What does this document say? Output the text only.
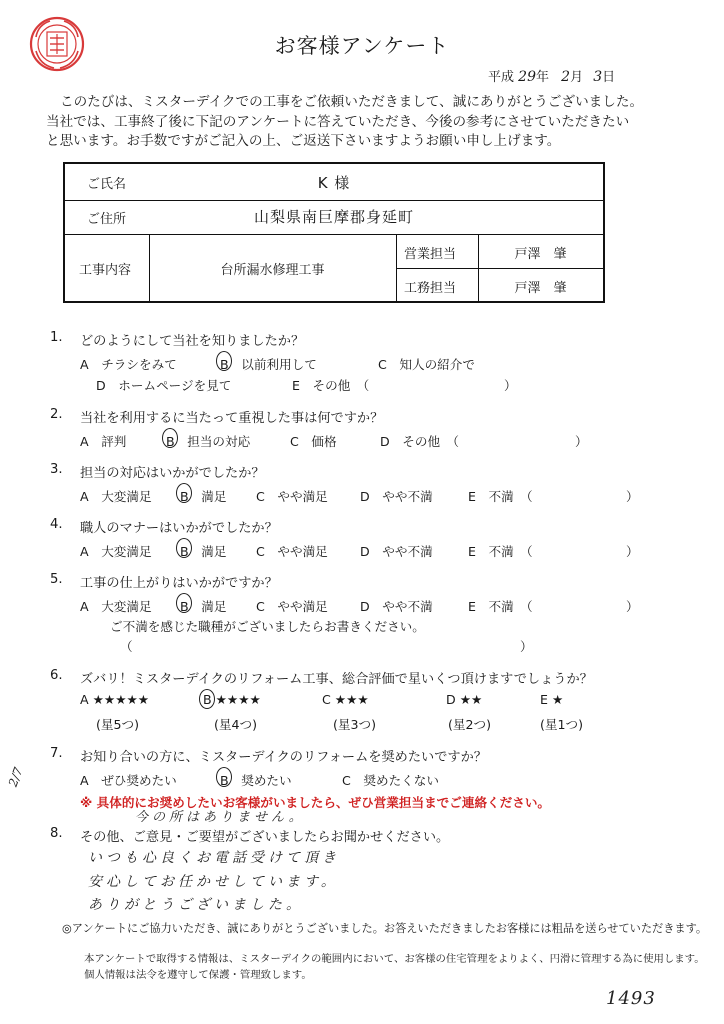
お客様アンケート
平成 29年 2月 3日
このたびは、ミスターデイクでの工事をご依頼いただきまして、誠にありがとうございました。
当社では、工事終了後に下記のアンケートに答えていただき、今後の参考にさせていただきたい
と思います。お手数ですがご記入の上、ご返送下さいますようお願い申し上げます。
ご氏名	K 様
ご住所	山梨県南巨摩郡身延町
工事内容	台所漏水修理工事
営業担当	戸澤　肇
工務担当	戸澤　肇
1. どのようにして当社を知りましたか？
A　チラシをみて	B　以前利用して	C　知人の紹介で
D　ホームページを見て	E　その他　（	）
2. 当社を利用するに当たって重視した事は何ですか？
A　評判	B　担当の対応	C　価格	D　その他　（	）
3. 担当の対応はいかがでしたか？
A　大変満足 B　満足 C　やや満足	D　やや不満	E　不満　（	）
4. 職人のマナーはいかがでしたか？
A　大変満足 B　満足 C　やや満足	D　やや不満	E　不満　（	）
5. 工事の仕上がりはいかがですか？
A　大変満足 B　満足 C　やや満足	D　やや不満	E　不満　（	）
ご不満を感じた職種がございましたらお書きください。
（	）
6. ズバリ！ミスターデイクのリフォーム工事、総合評価で星いくつ頂けますでしょうか？
A ★★★★★	B ★★★★	C ★★★	D ★★	E ★
(星5つ)	(星4つ)	(星3つ)	(星2つ)	(星1つ)
2/7
7. お知り合いの方に、ミスターデイクのリフォームを奨めたいですか？
A　ぜひ奨めたい	B　奨めたい	C　奨めたくない
※ 具体的にお奨めしたいお客様がいましたら、ぜひ営業担当までご連絡ください。
今の所はありません。
8. その他、ご意見・ご要望がございましたらお聞かせください。
いつも心良くお電話受けて頂き
安心してお任かせしています。
ありがとうございました。
◎アンケートにご協力いただき、誠にありがとうございました。お答えいただきましたお客様には粗品を送らせていただきます。
本アンケートで取得する情報は、ミスターデイクの範囲内において、お客様の住宅管理をよりよく、円滑に管理する為に使用します。
個人情報は法令を遵守して保護・管理致します。
1493
